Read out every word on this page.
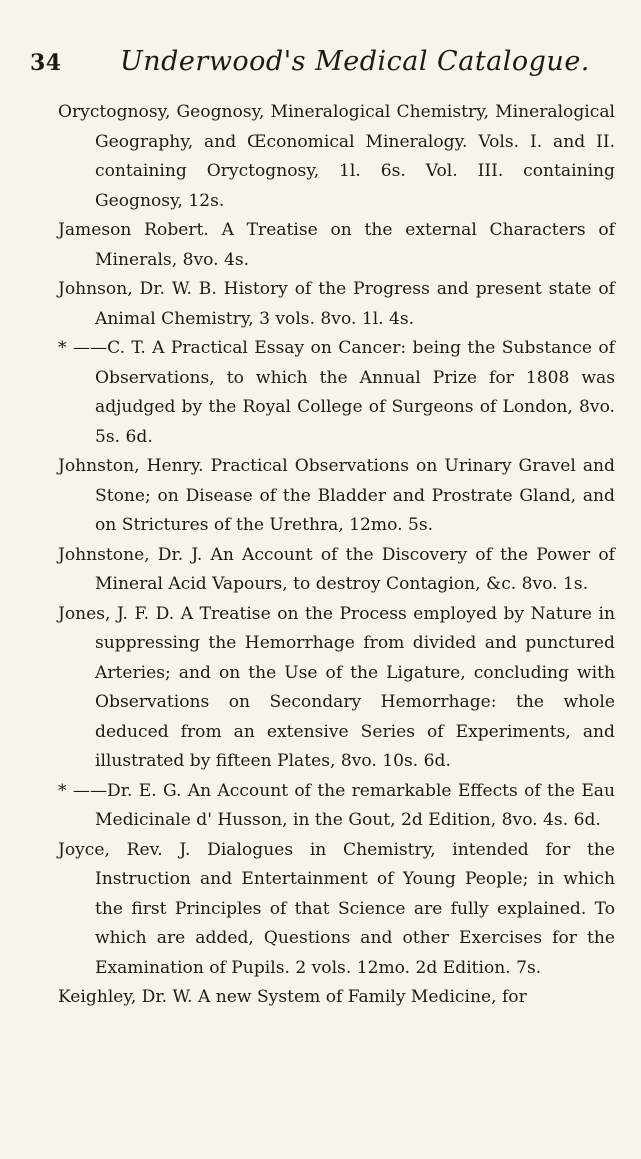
34 Underwood's Medical Catalogue.

Oryctognosy, Geognosy, Mineralogical Chemistry, Mineralogical Geography, and Œconomical Mineralogy. Vols. I. and II. containing Oryctognosy, 1l. 6s. Vol. III. containing Geognosy, 12s.

Jameson Robert. A Treatise on the external Characters of Minerals, 8vo. 4s.

Johnson, Dr. W. B. History of the Progress and present state of Animal Chemistry, 3 vols. 8vo. 1l. 4s.

* ——C. T. A Practical Essay on Cancer: being the Substance of Observations, to which the Annual Prize for 1808 was adjudged by the Royal College of Surgeons of London, 8vo. 5s. 6d.

Johnston, Henry. Practical Observations on Urinary Gravel and Stone; on Disease of the Bladder and Prostrate Gland, and on Strictures of the Urethra, 12mo. 5s.

Johnstone, Dr. J. An Account of the Discovery of the Power of Mineral Acid Vapours, to destroy Contagion, &c. 8vo. 1s.

Jones, J. F. D. A Treatise on the Process employed by Nature in suppressing the Hemorrhage from divided and punctured Arteries; and on the Use of the Ligature, concluding with Observations on Secondary Hemorrhage: the whole deduced from an extensive Series of Experiments, and illustrated by fifteen Plates, 8vo. 10s. 6d.

* ——Dr. E. G. An Account of the remarkable Effects of the Eau Medicinale d' Husson, in the Gout, 2d Edition, 8vo. 4s. 6d.

Joyce, Rev. J. Dialogues in Chemistry, intended for the Instruction and Entertainment of Young People; in which the first Principles of that Science are fully explained. To which are added, Questions and other Exercises for the Examination of Pupils. 2 vols. 12mo. 2d Edition. 7s.

Keighley, Dr. W. A new System of Family Medicine, for
